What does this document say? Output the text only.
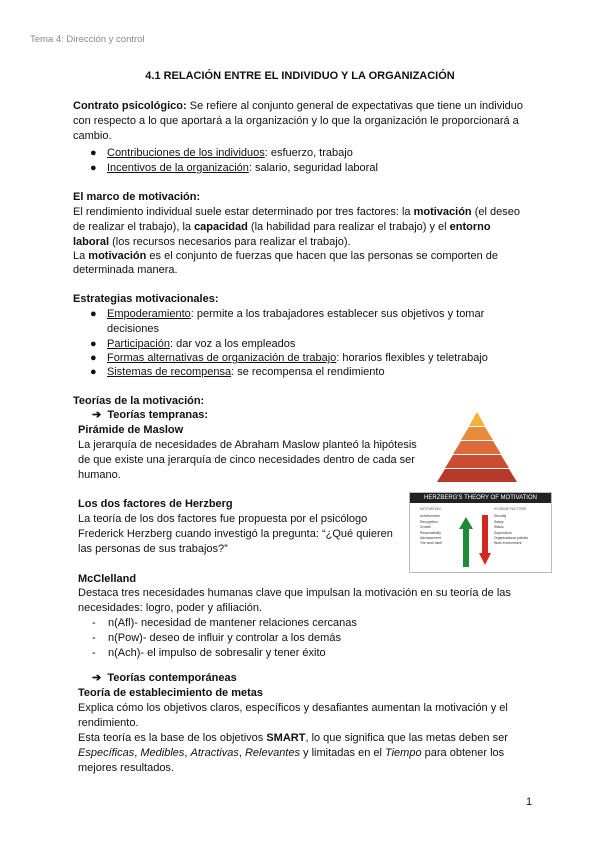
Tema 4: Dirección y control
4.1 RELACIÓN ENTRE EL INDIVIDUO Y LA ORGANIZACIÓN
Contrato psicológico: Se refiere al conjunto general de expectativas que tiene un individuo
con respecto a lo que aportará a la organización y lo que la organización le proporcionará a
cambio.
● Contribuciones de los individuos: esfuerzo, trabajo
● Incentivos de la organización: salario, seguridad laboral
El marco de motivación:
El rendimiento individual suele estar determinado por tres factores: la motivación (el deseo
de realizar el trabajo), la capacidad (la habilidad para realizar el trabajo) y el entorno
laboral (los recursos necesarios para realizar el trabajo).
La motivación es el conjunto de fuerzas que hacen que las personas se comporten de
determinada manera.
Estrategias motivacionales:
● Empoderamiento: permite a los trabajadores establecer sus objetivos y tomar
decisiones
● Participación: dar voz a los empleados
● Formas alternativas de organización de trabajo: horarios flexibles y teletrabajo
● Sistemas de recompensa: se recompensa el rendimiento
Teorías de la motivación:
➔ Teorías tempranas:
Pirámide de Maslow
La jerarquía de necesidades de Abraham Maslow planteó la hipótesis
de que existe una jerarquía de cinco necesidades dentro de cada ser
humano.
Los dos factores de Herzberg
La teoría de los dos factores fue propuesta por el psicólogo
Frederick Herzberg cuando investigó la pregunta: “¿Qué quieren
las personas de sus trabajos?”
HERZBERG'S THEORY OF MOTIVATION
MOTIVATION
Achievement
Recognition
Growth
Responsibility
Advancement
The work itself
HYGIENE FACTORS
Security
Salary
Status
Supervision
Organizational policies
Work environment
McClelland
Destaca tres necesidades humanas clave que impulsan la motivación en su teoría de las
necesidades: logro, poder y afiliación.
- n(Afl)- necesidad de mantener relaciones cercanas
- n(Pow)- deseo de influir y controlar a los demás
- n(Ach)- el impulso de sobresalir y tener éxito
➔ Teorías contemporáneas
Teoría de establecimiento de metas
Explica cómo los objetivos claros, específicos y desafiantes aumentan la motivación y el
rendimiento.
Esta teoría es la base de los objetivos SMART, lo que significa que las metas deben ser
Específicas, Medibles, Atractivas, Relevantes y limitadas en el Tiempo para obtener los
mejores resultados.
1
